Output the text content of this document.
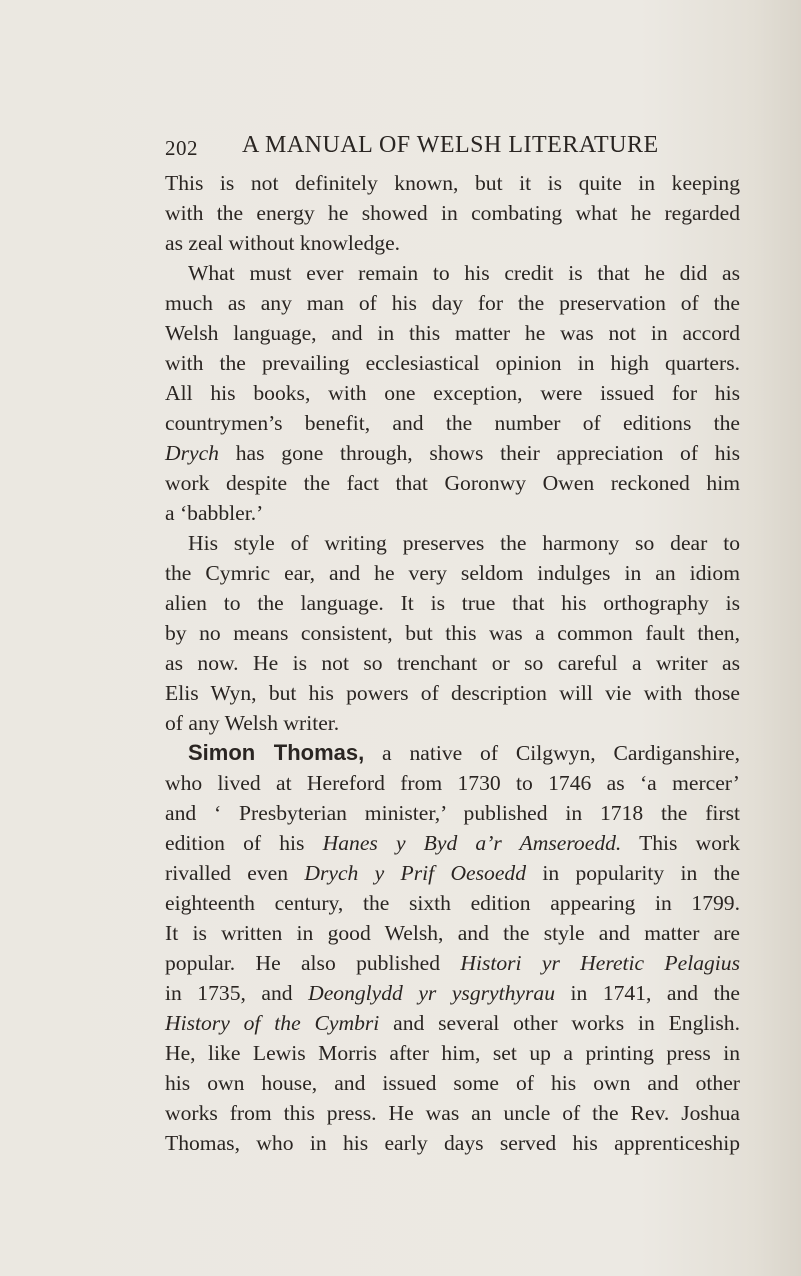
202 A MANUAL OF WELSH LITERATURE
This is not definitely known, but it is quite in keeping
with the energy he showed in combating what he regarded
as zeal without knowledge.
What must ever remain to his credit is that he did as
much as any man of his day for the preservation of the
Welsh language, and in this matter he was not in accord
with the prevailing ecclesiastical opinion in high quarters.
All his books, with one exception, were issued for his
countrymen’s benefit, and the number of editions the
Drych has gone through, shows their appreciation of his
work despite the fact that Goronwy Owen reckoned him
a ‘babbler.’
His style of writing preserves the harmony so dear to
the Cymric ear, and he very seldom indulges in an idiom
alien to the language. It is true that his orthography is
by no means consistent, but this was a common fault then,
as now. He is not so trenchant or so careful a writer as
Elis Wyn, but his powers of description will vie with those
of any Welsh writer.
Simon Thomas, a native of Cilgwyn, Cardiganshire,
who lived at Hereford from 1730 to 1746 as ‘a mercer’
and ‘ Presbyterian minister,’ published in 1718 the first
edition of his Hanes y Byd a’r Amseroedd. This work
rivalled even Drych y Prif Oesoedd in popularity in the
eighteenth century, the sixth edition appearing in 1799.
It is written in good Welsh, and the style and matter are
popular. He also published Histori yr Heretic Pelagius
in 1735, and Deonglydd yr ysgrythyrau in 1741, and the
History of the Cymbri and several other works in English.
He, like Lewis Morris after him, set up a printing press in
his own house, and issued some of his own and other
works from this press. He was an uncle of the Rev. Joshua
Thomas, who in his early days served his apprenticeship
